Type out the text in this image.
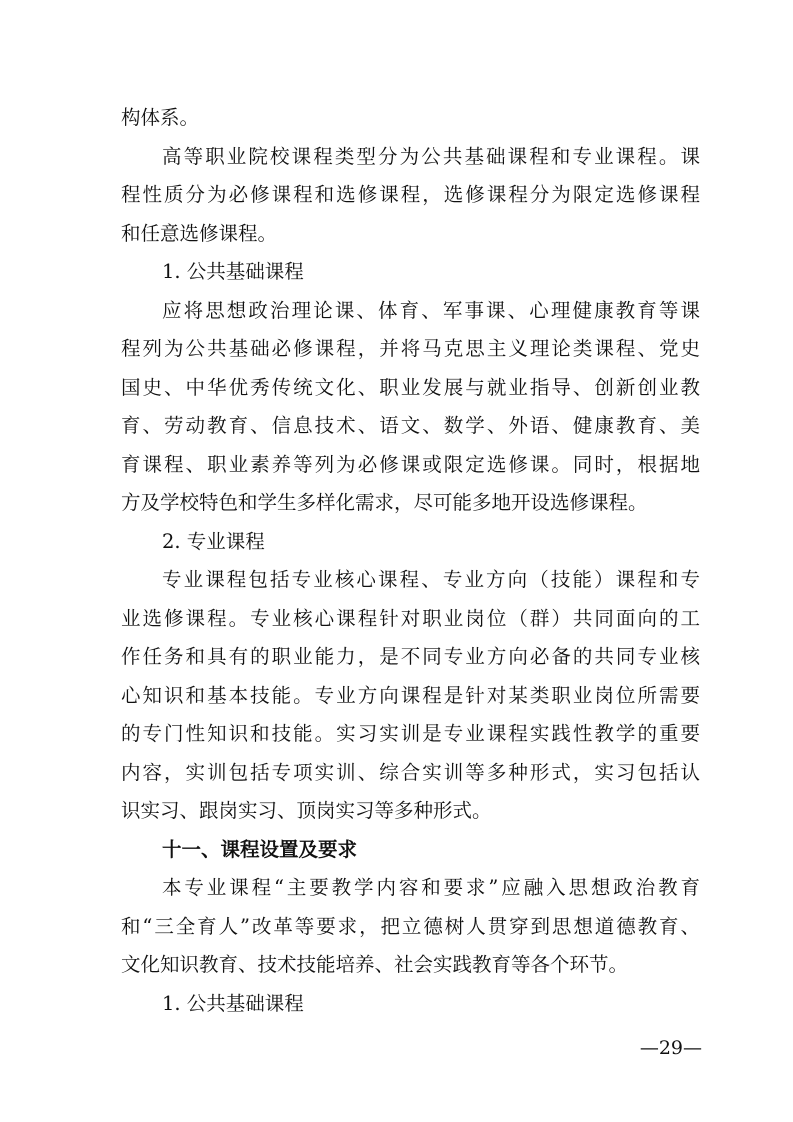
构体系。
高等职业院校课程类型分为公共基础课程和专业课程。课
程性质分为必修课程和选修课程，选修课程分为限定选修课程
和任意选修课程。
1. 公共基础课程
应将思想政治理论课、体育、军事课、心理健康教育等课
程列为公共基础必修课程，并将马克思主义理论类课程、党史
国史、中华优秀传统文化、职业发展与就业指导、创新创业教
育、劳动教育、信息技术、语文、数学、外语、健康教育、美
育课程、职业素养等列为必修课或限定选修课。同时，根据地
方及学校特色和学生多样化需求，尽可能多地开设选修课程。
2. 专业课程
专业课程包括专业核心课程、专业方向（技能）课程和专
业选修课程。专业核心课程针对职业岗位（群）共同面向的工
作任务和具有的职业能力，是不同专业方向必备的共同专业核
心知识和基本技能。专业方向课程是针对某类职业岗位所需要
的专门性知识和技能。实习实训是专业课程实践性教学的重要
内容，实训包括专项实训、综合实训等多种形式，实习包括认
识实习、跟岗实习、顶岗实习等多种形式。
十一、课程设置及要求
本专业课程“主要教学内容和要求”应融入思想政治教育
和“三全育人”改革等要求，把立德树人贯穿到思想道德教育、
文化知识教育、技术技能培养、社会实践教育等各个环节。
1. 公共基础课程
—29—
